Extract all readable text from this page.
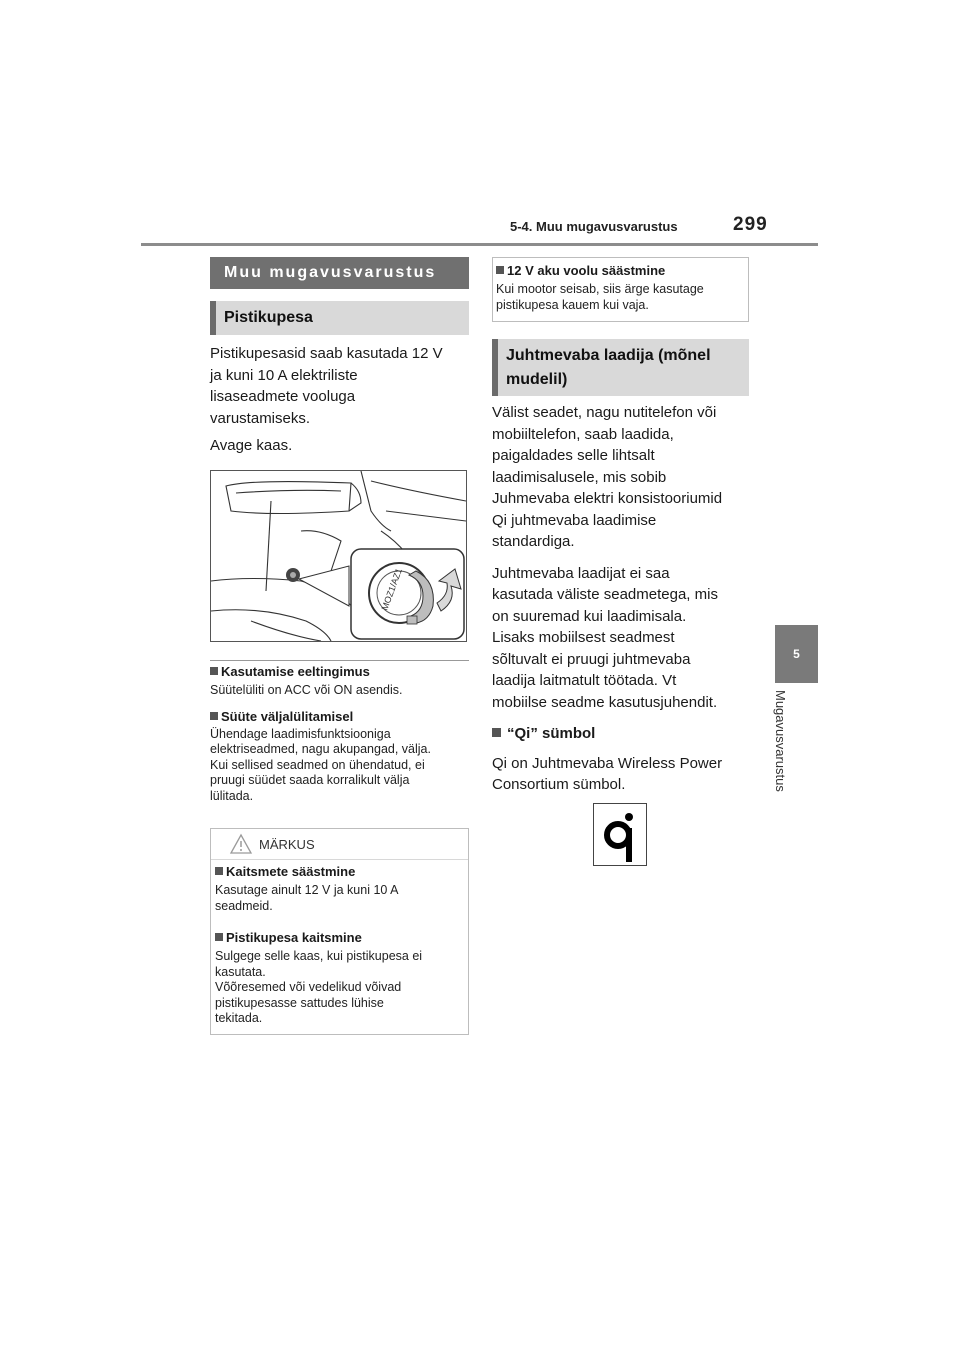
5-4. Muu mugavusvarustus	299
5
Mugavusvarustus
Muu mugavusvarustus
Pistikupesa
Pistikupesasid saab kasutada 12 V
ja kuni 10 A elektriliste
lisaseadmete vooluga
varustamiseks.
Avage kaas.
MOZ1/AZ1
Kasutamise eeltingimus
Süütelüliti on ACC või ON asendis.
Süüte väljalülitamisel
Ühendage laadimisfunktsiooniga
elektriseadmed, nagu akupangad, välja.
Kui sellised seadmed on ühendatud, ei
pruugi süüdet saada korralikult välja
lülitada.
MÄRKUS
Kaitsmete säästmine
Kasutage ainult 12 V ja kuni 10 A
seadmeid.
Pistikupesa kaitsmine
Sulgege selle kaas, kui pistikupesa ei
kasutata.
Võõresemed või vedelikud võivad
pistikupesasse sattudes lühise
tekitada.
12 V aku voolu säästmine
Kui mootor seisab, siis ärge kasutage
pistikupesa kauem kui vaja.
Juhtmevaba laadija (mõnel
mudelil)
Välist seadet, nagu nutitelefon või
mobiiltelefon, saab laadida,
paigaldades selle lihtsalt
laadimisalusele, mis sobib
Juhmevaba elektri konsistooriumid
Qi juhtmevaba laadimise
standardiga.
Juhtmevaba laadijat ei saa
kasutada väliste seadmetega, mis
on suuremad kui laadimisala.
Lisaks mobiilsest seadmest
sõltuvalt ei pruugi juhtmevaba
laadija laitmatult töötada. Vt
mobiilse seadme kasutusjuhendit.
“Qi” sümbol
Qi on Juhtmevaba Wireless Power
Consortium sümbol.
